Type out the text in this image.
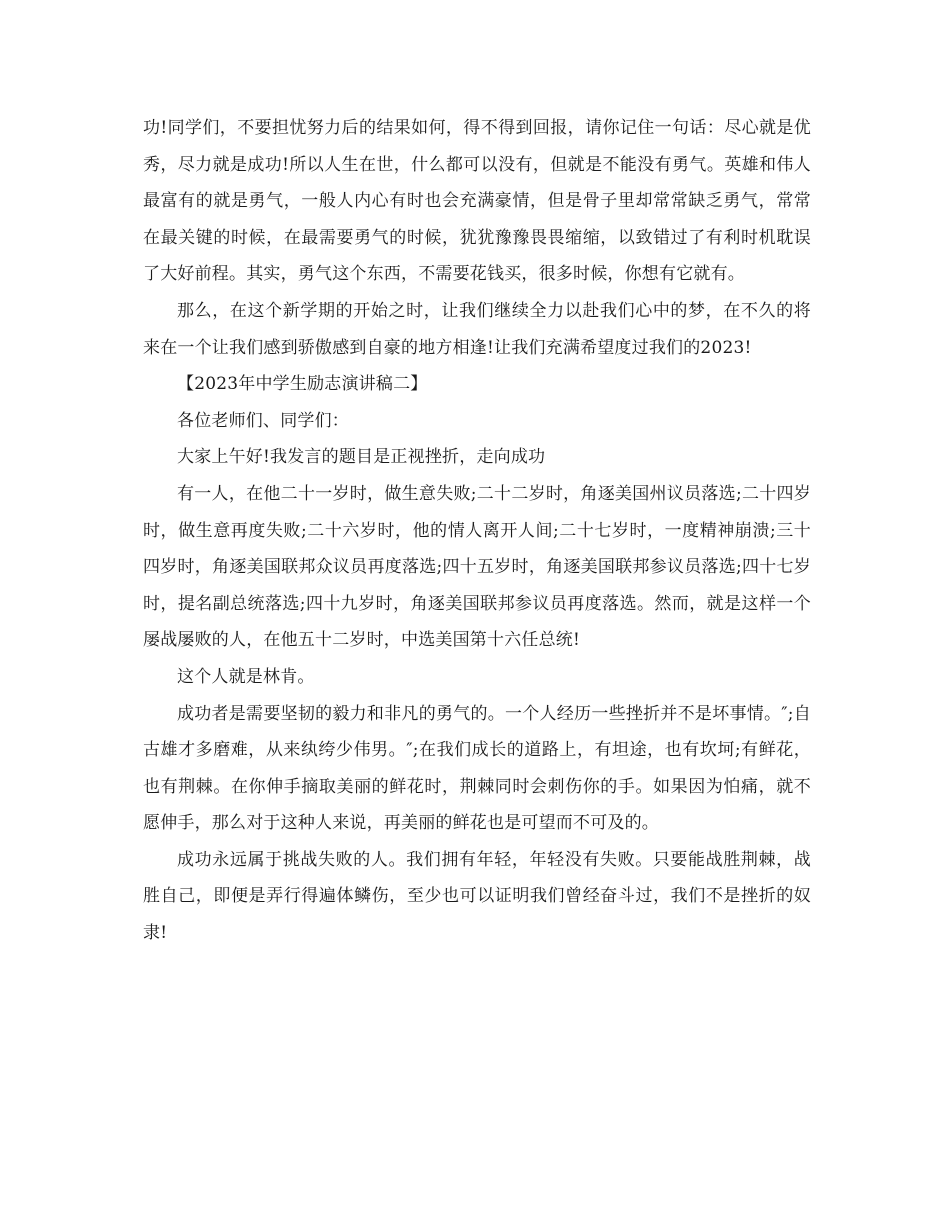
功!同学们，不要担忧努力后的结果如何，得不得到回报，请你记住一句话：尽心就是优秀，尽力就是成功!所以人生在世，什么都可以没有，但就是不能没有勇气。英雄和伟人最富有的就是勇气，一般人内心有时也会充满豪情，但是骨子里却常常缺乏勇气，常常在最关键的时候，在最需要勇气的时候，犹犹豫豫畏畏缩缩，以致错过了有利时机耽误了大好前程。其实，勇气这个东西，不需要花钱买，很多时候，你想有它就有。

那么，在这个新学期的开始之时，让我们继续全力以赴我们心中的梦，在不久的将来在一个让我们感到骄傲感到自豪的地方相逢!让我们充满希望度过我们的2023!

【2023年中学生励志演讲稿二】

各位老师们、同学们：

大家上午好!我发言的题目是正视挫折，走向成功

有一人，在他二十一岁时，做生意失败;二十二岁时，角逐美国州议员落选;二十四岁时，做生意再度失败;二十六岁时，他的情人离开人间;二十七岁时，一度精神崩溃;三十四岁时，角逐美国联邦众议员再度落选;四十五岁时，角逐美国联邦参议员落选;四十七岁时，提名副总统落选;四十九岁时，角逐美国联邦参议员再度落选。然而，就是这样一个屡战屡败的人，在他五十二岁时，中选美国第十六任总统!

这个人就是林肯。

成功者是需要坚韧的毅力和非凡的勇气的。一个人经历一些挫折并不是坏事情。″;自古雄才多磨难，从来纨绔少伟男。″;在我们成长的道路上，有坦途，也有坎坷;有鲜花，也有荆棘。在你伸手摘取美丽的鲜花时，荆棘同时会刺伤你的手。如果因为怕痛，就不愿伸手，那么对于这种人来说，再美丽的鲜花也是可望而不可及的。

成功永远属于挑战失败的人。我们拥有年轻，年轻没有失败。只要能战胜荆棘，战胜自己，即便是弄行得遍体鳞伤，至少也可以证明我们曾经奋斗过，我们不是挫折的奴隶!
